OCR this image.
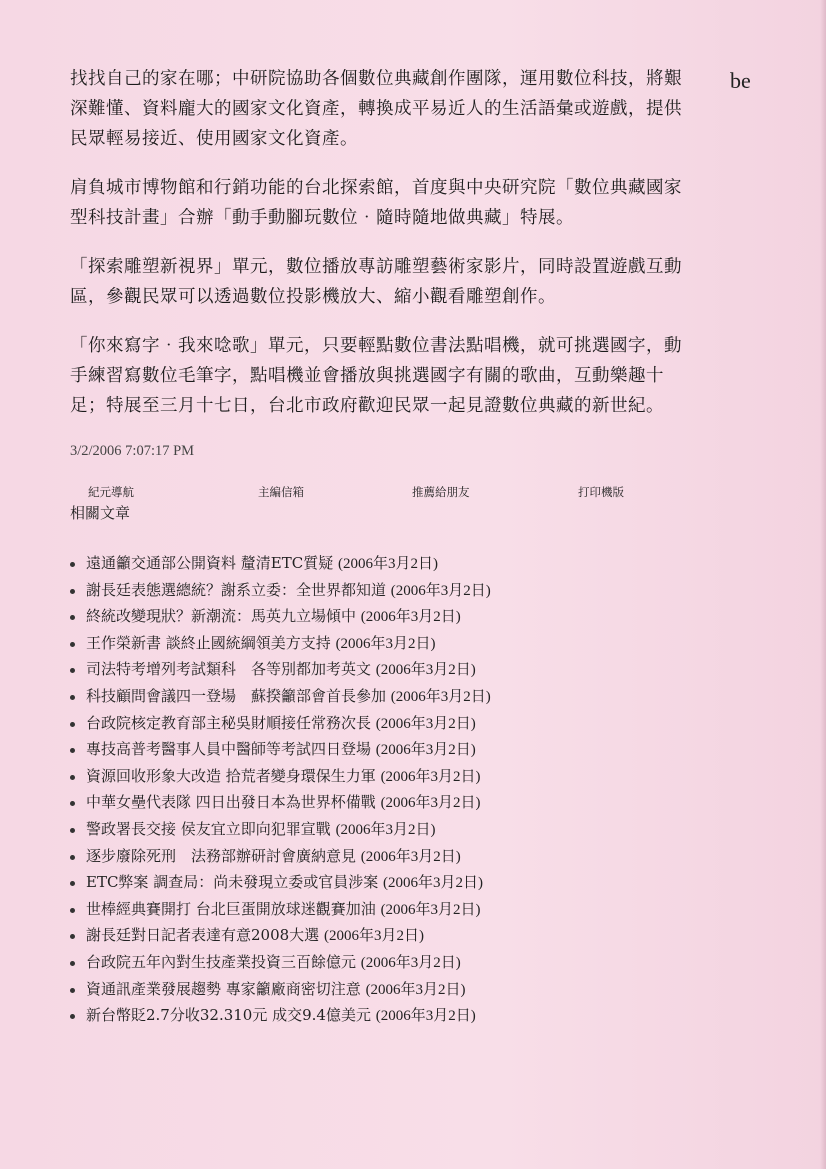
be

找找自己的家在哪；中研院協助各個數位典藏創作團隊，運用數位科技，將艱深難懂、資料龐大的國家文化資產，轉換成平易近人的生活語彙或遊戲，提供民眾輕易接近、使用國家文化資產。

肩負城市博物館和行銷功能的台北探索館，首度與中央研究院「數位典藏國家型科技計畫」合辦「動手動腳玩數位‧隨時隨地做典藏」特展。

「探索雕塑新視界」單元，數位播放專訪雕塑藝術家影片，同時設置遊戲互動區，參觀民眾可以透過數位投影機放大、縮小觀看雕塑創作。

「你來寫字‧我來唸歌」單元，只要輕點數位書法點唱機，就可挑選國字，動手練習寫數位毛筆字，點唱機並會播放與挑選國字有關的歌曲，互動樂趣十足；特展至三月十七日，台北市政府歡迎民眾一起見證數位典藏的新世紀。

3/2/2006 7:07:17 PM
紀元導航	主編信箱	推薦給朋友	打印機版
相關文章
遠通籲交通部公開資料 釐清ETC質疑 (2006年3月2日)
謝長廷表態選總統？謝系立委：全世界都知道 (2006年3月2日)
終統改變現狀？新潮流：馬英九立場傾中 (2006年3月2日)
王作榮新書 談終止國統綱領美方支持 (2006年3月2日)
司法特考增列考試類科　各等別都加考英文 (2006年3月2日)
科技顧問會議四一登場　蘇揆籲部會首長參加 (2006年3月2日)
台政院核定教育部主秘吳財順接任常務次長 (2006年3月2日)
專技高普考醫事人員中醫師等考試四日登場 (2006年3月2日)
資源回收形象大改造 拾荒者變身環保生力軍 (2006年3月2日)
中華女壘代表隊 四日出發日本為世界杯備戰 (2006年3月2日)
警政署長交接 侯友宜立即向犯罪宣戰 (2006年3月2日)
逐步廢除死刑　法務部辦研討會廣納意見 (2006年3月2日)
ETC弊案 調查局：尚未發現立委或官員涉案 (2006年3月2日)
世棒經典賽開打 台北巨蛋開放球迷觀賽加油 (2006年3月2日)
謝長廷對日記者表達有意2008大選 (2006年3月2日)
台政院五年內對生技產業投資三百餘億元 (2006年3月2日)
資通訊產業發展趨勢 專家籲廠商密切注意 (2006年3月2日)
新台幣貶2.7分收32.310元 成交9.4億美元 (2006年3月2日)
